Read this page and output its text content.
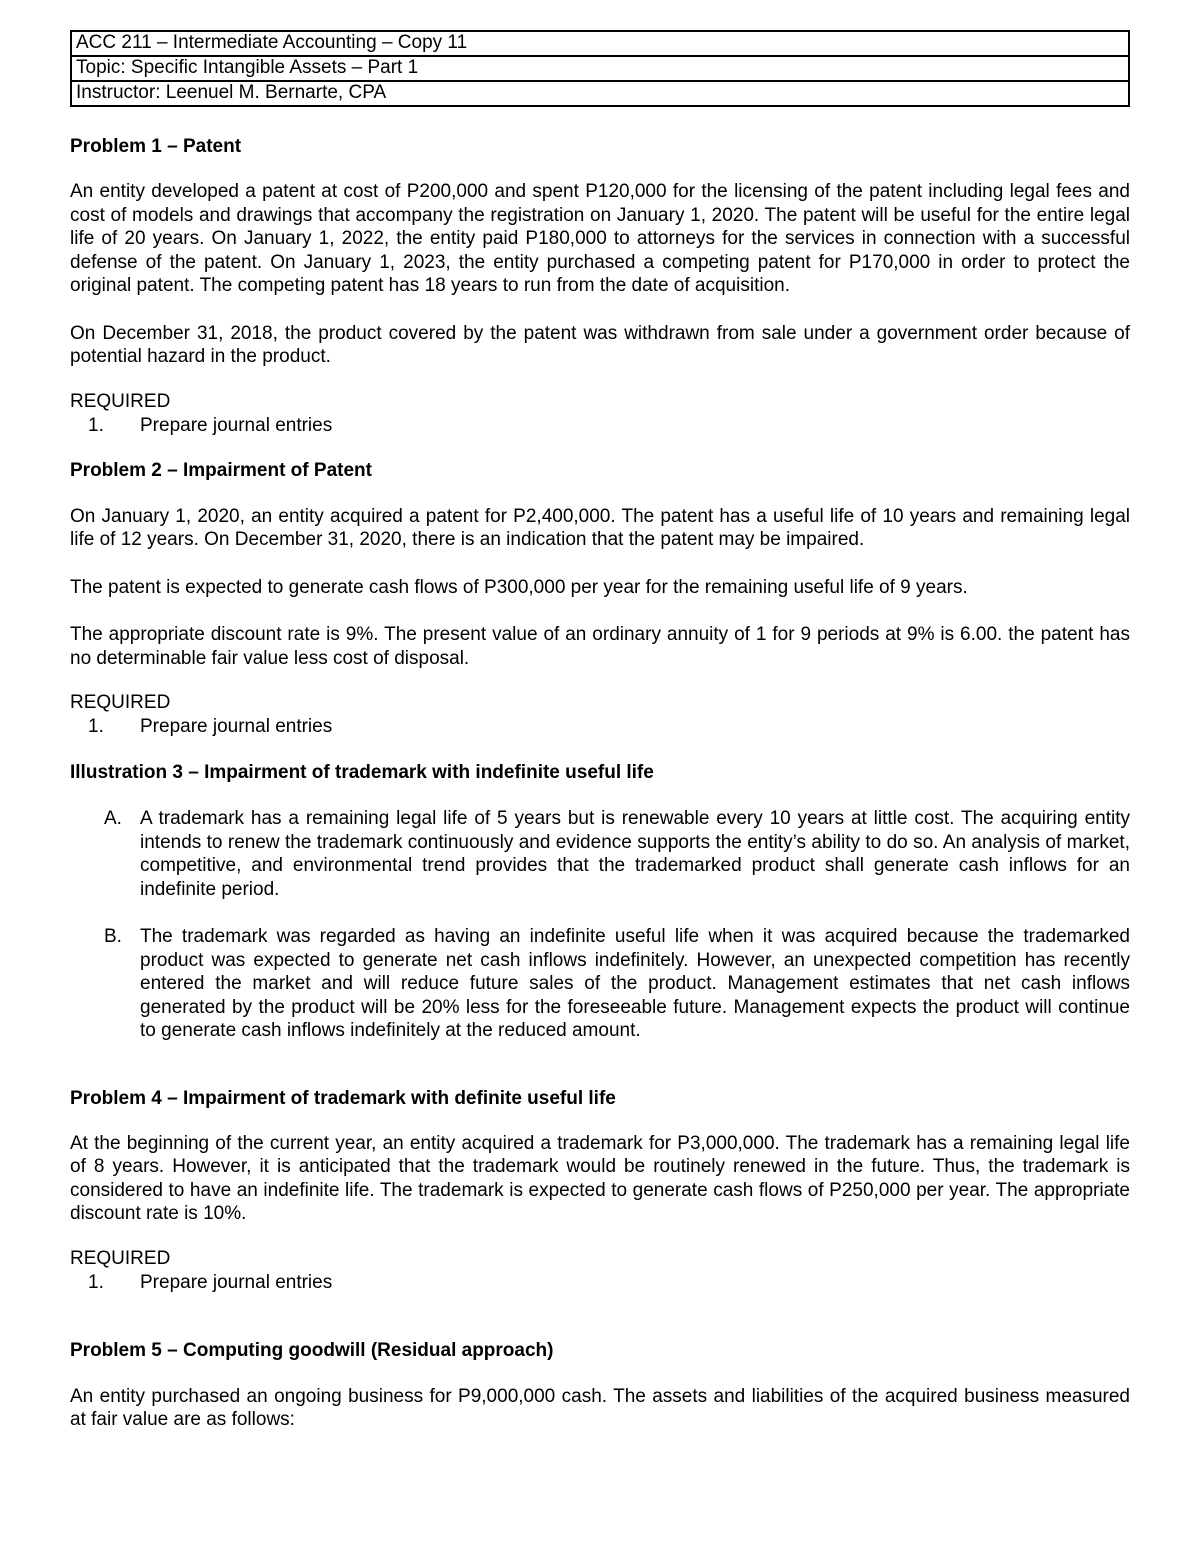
ACC 211 – Intermediate Accounting – Copy 11
Topic: Specific Intangible Assets – Part 1
Instructor: Leenuel M. Bernarte, CPA
Problem 1 – Patent

An entity developed a patent at cost of P200,000 and spent P120,000 for the licensing of the patent including legal fees and cost of models and drawings that accompany the registration on January 1, 2020. The patent will be useful for the entire legal life of 20 years. On January 1, 2022, the entity paid P180,000 to attorneys for the services in connection with a successful defense of the patent. On January 1, 2023, the entity purchased a competing patent for P170,000 in order to protect the original patent. The competing patent has 18 years to run from the date of acquisition.

On December 31, 2018, the product covered by the patent was withdrawn from sale under a government order because of potential hazard in the product.

REQUIRED
1.	Prepare journal entries
Problem 2 – Impairment of Patent

On January 1, 2020, an entity acquired a patent for P2,400,000. The patent has a useful life of 10 years and remaining legal life of 12 years. On December 31, 2020, there is an indication that the patent may be impaired.

The patent is expected to generate cash flows of P300,000 per year for the remaining useful life of 9 years.

The appropriate discount rate is 9%. The present value of an ordinary annuity of 1 for 9 periods at 9% is 6.00. the patent has no determinable fair value less cost of disposal.

REQUIRED
1.	Prepare journal entries
Illustration 3 – Impairment of trademark with indefinite useful life
A. A trademark has a remaining legal life of 5 years but is renewable every 10 years at little cost. The acquiring entity intends to renew the trademark continuously and evidence supports the entity’s ability to do so. An analysis of market, competitive, and environmental trend provides that the trademarked product shall generate cash inflows for an indefinite period.
B. The trademark was regarded as having an indefinite useful life when it was acquired because the trademarked product was expected to generate net cash inflows indefinitely. However, an unexpected competition has recently entered the market and will reduce future sales of the product. Management estimates that net cash inflows generated by the product will be 20% less for the foreseeable future. Management expects the product will continue to generate cash inflows indefinitely at the reduced amount.
Problem 4 – Impairment of trademark with definite useful life

At the beginning of the current year, an entity acquired a trademark for P3,000,000. The trademark has a remaining legal life of 8 years. However, it is anticipated that the trademark would be routinely renewed in the future. Thus, the trademark is considered to have an indefinite life. The trademark is expected to generate cash flows of P250,000 per year. The appropriate discount rate is 10%.

REQUIRED
1.	Prepare journal entries
Problem 5 – Computing goodwill (Residual approach)

An entity purchased an ongoing business for P9,000,000 cash. The assets and liabilities of the acquired business measured at fair value are as follows:
